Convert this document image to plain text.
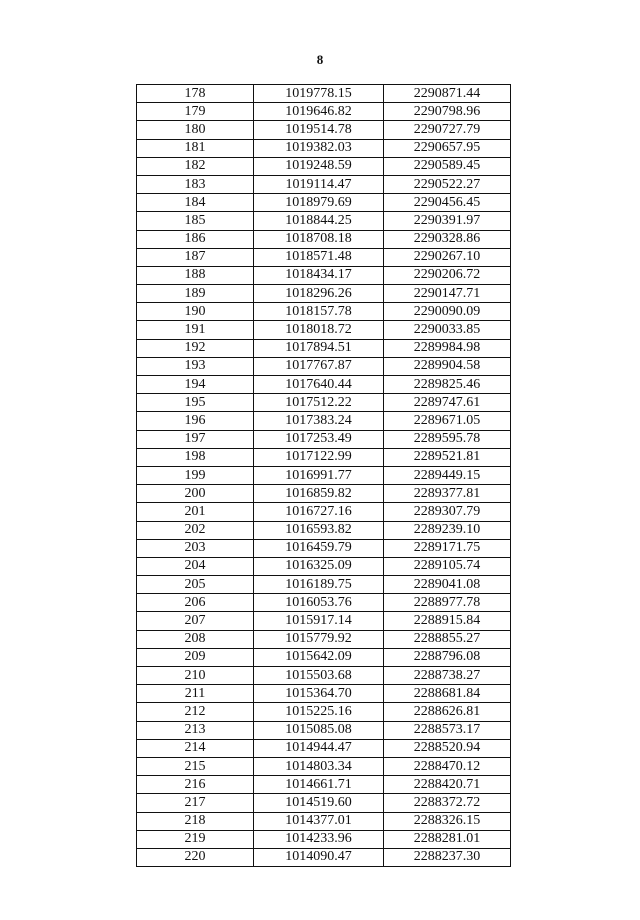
8
178	1019778.15	2290871.44
179	1019646.82	2290798.96
180	1019514.78	2290727.79
181	1019382.03	2290657.95
182	1019248.59	2290589.45
183	1019114.47	2290522.27
184	1018979.69	2290456.45
185	1018844.25	2290391.97
186	1018708.18	2290328.86
187	1018571.48	2290267.10
188	1018434.17	2290206.72
189	1018296.26	2290147.71
190	1018157.78	2290090.09
191	1018018.72	2290033.85
192	1017894.51	2289984.98
193	1017767.87	2289904.58
194	1017640.44	2289825.46
195	1017512.22	2289747.61
196	1017383.24	2289671.05
197	1017253.49	2289595.78
198	1017122.99	2289521.81
199	1016991.77	2289449.15
200	1016859.82	2289377.81
201	1016727.16	2289307.79
202	1016593.82	2289239.10
203	1016459.79	2289171.75
204	1016325.09	2289105.74
205	1016189.75	2289041.08
206	1016053.76	2288977.78
207	1015917.14	2288915.84
208	1015779.92	2288855.27
209	1015642.09	2288796.08
210	1015503.68	2288738.27
211	1015364.70	2288681.84
212	1015225.16	2288626.81
213	1015085.08	2288573.17
214	1014944.47	2288520.94
215	1014803.34	2288470.12
216	1014661.71	2288420.71
217	1014519.60	2288372.72
218	1014377.01	2288326.15
219	1014233.96	2288281.01
220	1014090.47	2288237.30
